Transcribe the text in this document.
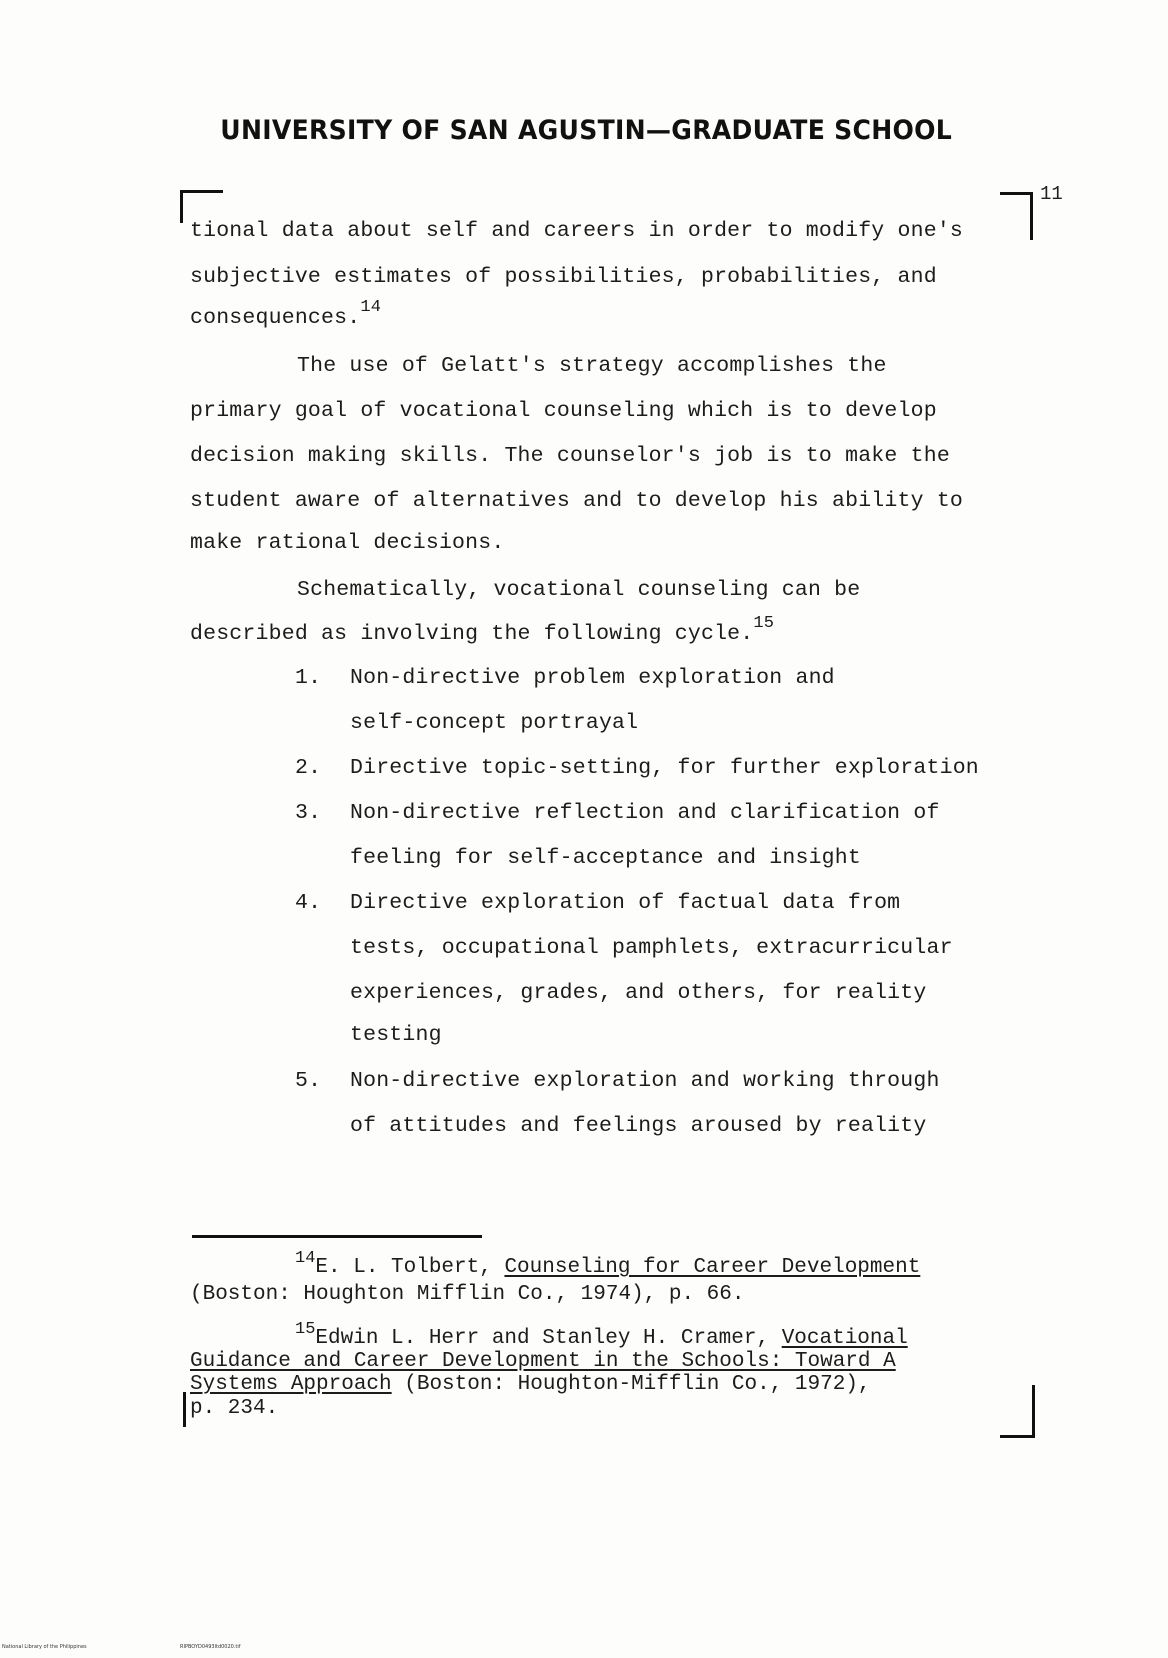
UNIVERSITY OF SAN AGUSTIN—GRADUATE SCHOOL
11
tional data about self and careers in order to modify one's
subjective estimates of possibilities, probabilities, and
consequences.$^{14}$
The use of Gelatt's strategy accomplishes the
primary goal of vocational counseling which is to develop
decision making skills. The counselor's job is to make the
student aware of alternatives and to develop his ability to
make rational decisions.
Schematically, vocational counseling can be
described as involving the following cycle.$^{15}$
1. Non-directive problem exploration and
self-concept portrayal
2. Directive topic-setting, for further exploration
3. Non-directive reflection and clarification of
feeling for self-acceptance and insight
4. Directive exploration of factual data from
tests, occupational pamphlets, extracurricular
experiences, grades, and others, for reality
testing
5. Non-directive exploration and working through
of attitudes and feelings aroused by reality
$^{14}$E. L. Tolbert, Counseling for Career Development
(Boston: Houghton Mifflin Co., 1974), p. 66.
$^{15}$Edwin L. Herr and Stanley H. Cramer, Vocational
Guidance and Career Development in the Schools: Toward A
Systems Approach (Boston: Houghton-Mifflin Co., 1972),
p. 234.
National Library of the Philippines	RIPBOYD0493ltd0020.tif
